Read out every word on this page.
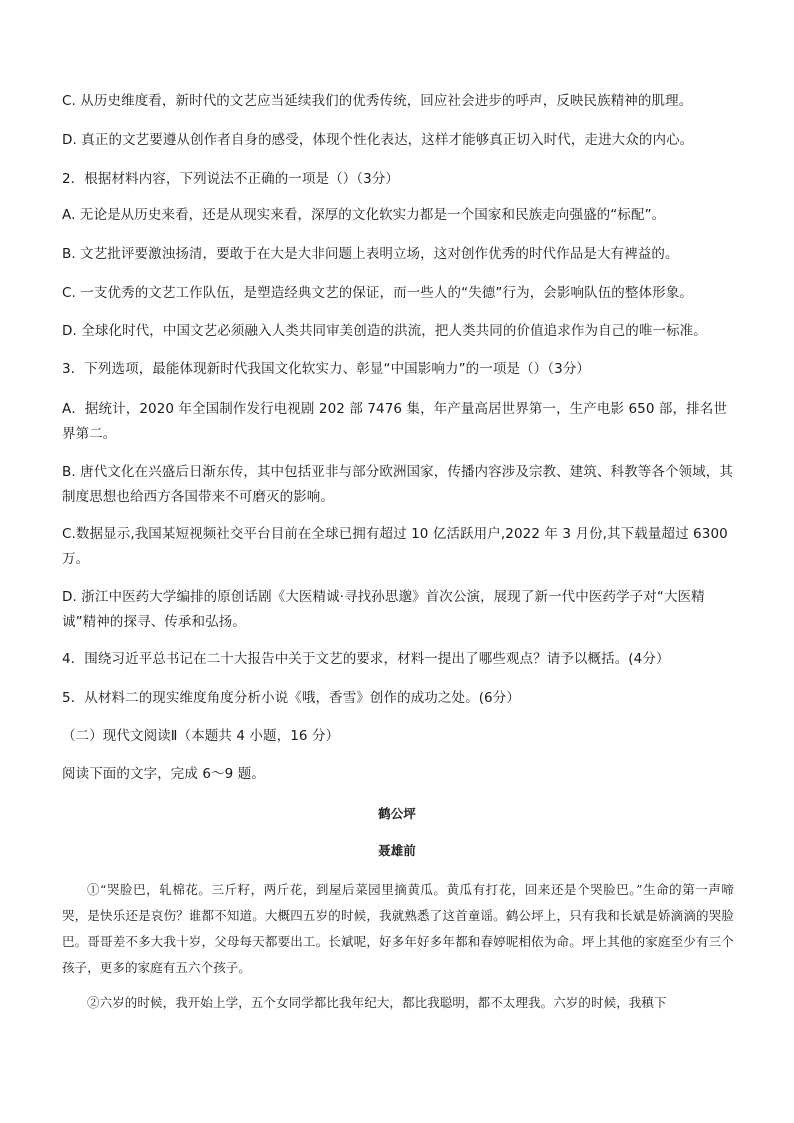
C. 从历史维度看，新时代的文艺应当延续我们的优秀传统，回应社会进步的呼声，反映民族精神的肌理。
D. 真正的文艺要遵从创作者自身的感受，体现个性化表达，这样才能够真正切入时代，走进大众的内心。
2．根据材料内容，下列说法不正确的一项是（）（3分）
A. 无论是从历史来看，还是从现实来看，深厚的文化软实力都是一个国家和民族走向强盛的“标配”。
B. 文艺批评要激浊扬清，要敢于在大是大非问题上表明立场，这对创作优秀的时代作品是大有裨益的。
C. 一支优秀的文艺工作队伍，是塑造经典文艺的保证，而一些人的“失德”行为，会影响队伍的整体形象。
D. 全球化时代，中国文艺必须融入人类共同审美创造的洪流，把人类共同的价值追求作为自己的唯一标准。
3．下列选项，最能体现新时代我国文化软实力、彰显“中国影响力”的一项是（）（3分）
A．据统计，2020 年全国制作发行电视剧 202 部 7476 集，年产量高居世界第一，生产电影 650 部，排名世界第二。
B. 唐代文化在兴盛后日渐东传，其中包括亚非与部分欧洲国家，传播内容涉及宗教、建筑、科教等各个领域，其制度思想也给西方各国带来不可磨灭的影响。
C.数据显示,我国某短视频社交平台目前在全球已拥有超过 10 亿活跃用户,2022 年 3 月份,其下载量超过 6300 万。
D. 浙江中医药大学编排的原创话剧《大医精诚·寻找孙思邈》首次公演，展现了新一代中医药学子对“大医精诚”精神的探寻、传承和弘扬。
4．围绕习近平总书记在二十大报告中关于文艺的要求，材料一提出了哪些观点？请予以概括。(4分）
5．从材料二的现实维度角度分析小说《哦，香雪》创作的成功之处。(6分）
（二）现代文阅读Ⅱ（本题共 4 小题，16 分）
阅读下面的文字，完成 6～9 题。
鹤公坪
聂雄前
①“哭脸巴，轧棉花。三斤籽，两斤花，到屋后菜园里摘黄瓜。黄瓜有打花，回来还是个哭脸巴。”生命的第一声啼哭，是快乐还是哀伤？谁都不知道。大概四五岁的时候，我就熟悉了这首童谣。鹤公坪上，只有我和长斌是娇滴滴的哭脸巴。哥哥差不多大我十岁，父母每天都要出工。长斌呢，好多年好多年都和春婷呢相依为命。坪上其他的家庭至少有三个孩子，更多的家庭有五六个孩子。
②六岁的时候，我开始上学，五个女同学都比我年纪大，都比我聪明，都不太理我。六岁的时候，我稹下
